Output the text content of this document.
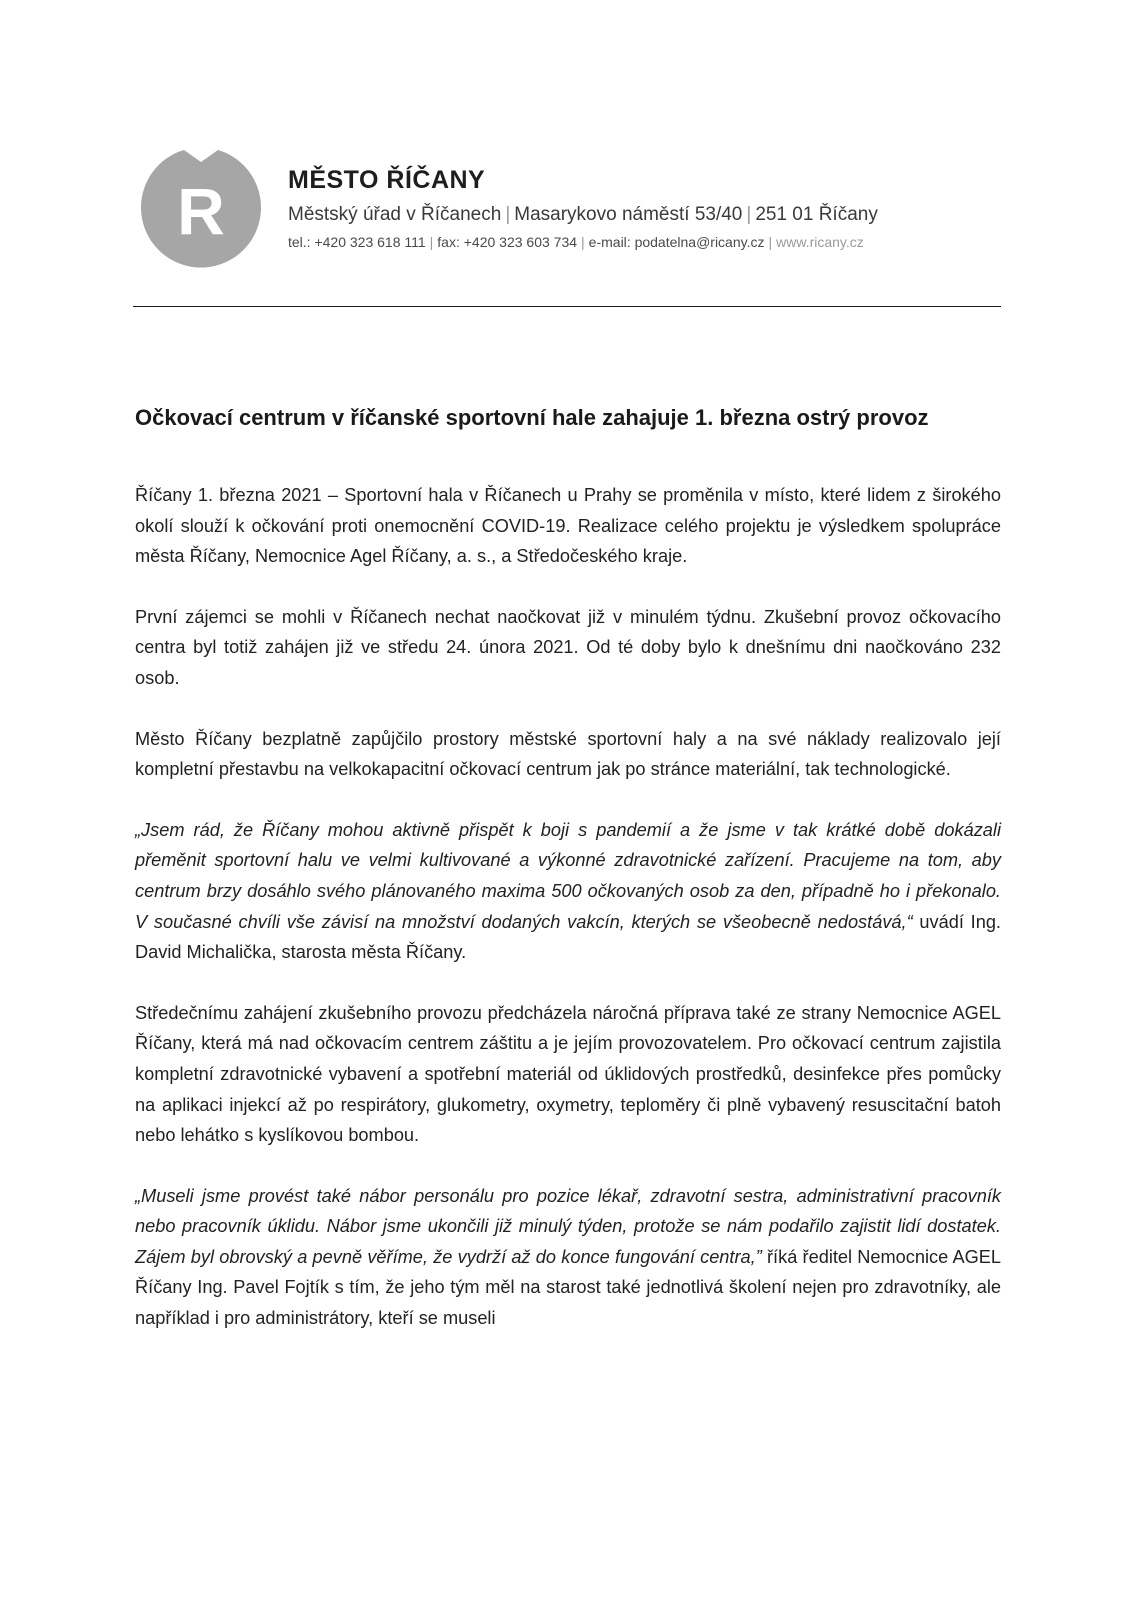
R	MĚSTO ŘÍČANY
Městský úřad v Říčanech | Masarykovo náměstí 53/40 | 251 01 Říčany
tel.: +420 323 618 111 | fax: +420 323 603 734 | e-mail: podatelna@ricany.cz | www.ricany.cz
Očkovací centrum v říčanské sportovní hale zahajuje 1. března ostrý provoz

Říčany 1. března 2021 – Sportovní hala v Říčanech u Prahy se proměnila v místo, které lidem z širokého okolí slouží k očkování proti onemocnění COVID-19. Realizace celého projektu je výsledkem spolupráce města Říčany, Nemocnice Agel Říčany, a. s., a Středočeského kraje.

První zájemci se mohli v Říčanech nechat naočkovat již v minulém týdnu. Zkušební provoz očkovacího centra byl totiž zahájen již ve středu 24. února 2021. Od té doby bylo k dnešnímu dni naočkováno 232 osob.

Město Říčany bezplatně zapůjčilo prostory městské sportovní haly a na své náklady realizovalo její kompletní přestavbu na velkokapacitní očkovací centrum jak po stránce materiální, tak technologické.

„Jsem rád, že Říčany mohou aktivně přispět k boji s pandemií a že jsme v tak krátké době dokázali přeměnit sportovní halu ve velmi kultivované a výkonné zdravotnické zařízení. Pracujeme na tom, aby centrum brzy dosáhlo svého plánovaného maxima 500 očkovaných osob za den, případně ho i překonalo. V současné chvíli vše závisí na množství dodaných vakcín, kterých se všeobecně nedostává,“ uvádí Ing. David Michalička, starosta města Říčany.

Středečnímu zahájení zkušebního provozu předcházela náročná příprava také ze strany Nemocnice AGEL Říčany, která má nad očkovacím centrem záštitu a je jejím provozovatelem. Pro očkovací centrum zajistila kompletní zdravotnické vybavení a spotřební materiál od úklidových prostředků, desinfekce přes pomůcky na aplikaci injekcí až po respirátory, glukometry, oxymetry, teploměry či plně vybavený resuscitační batoh nebo lehátko s kyslíkovou bombou.

„Museli jsme provést také nábor personálu pro pozice lékař, zdravotní sestra, administrativní pracovník nebo pracovník úklidu. Nábor jsme ukončili již minulý týden, protože se nám podařilo zajistit lidí dostatek. Zájem byl obrovský a pevně věříme, že vydrží až do konce fungování centra,” říká ředitel Nemocnice AGEL Říčany Ing. Pavel Fojtík s tím, že jeho tým měl na starost také jednotlivá školení nejen pro zdravotníky, ale například i pro administrátory, kteří se museli
